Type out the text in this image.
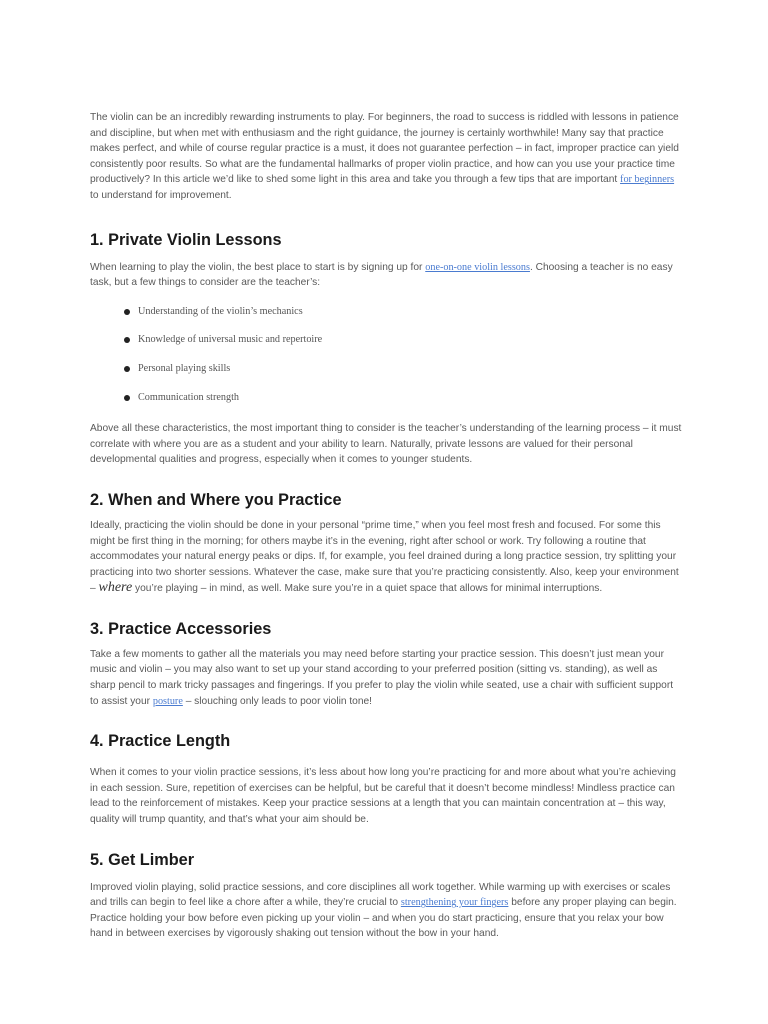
The violin can be an incredibly rewarding instruments to play. For beginners, the road to success is riddled with lessons in patience and discipline, but when met with enthusiasm and the right guidance, the journey is certainly worthwhile! Many say that practice makes perfect, and while of course regular practice is a must, it does not guarantee perfection – in fact, improper practice can yield consistently poor results. So what are the fundamental hallmarks of proper violin practice, and how can you use your practice time productively? In this article we’d like to shed some light in this area and take you through a few tips that are important for beginners to understand for improvement.

1. Private Violin Lessons

When learning to play the violin, the best place to start is by signing up for one-on-one violin lessons. Choosing a teacher is no easy task, but a few things to consider are the teacher’s:

Understanding of the violin’s mechanics
Knowledge of universal music and repertoire
Personal playing skills
Communication strength

Above all these characteristics, the most important thing to consider is the teacher’s understanding of the learning process – it must correlate with where you are as a student and your ability to learn. Naturally, private lessons are valued for their personal developmental qualities and progress, especially when it comes to younger students.

2. When and Where you Practice

Ideally, practicing the violin should be done in your personal “prime time,” when you feel most fresh and focused. For some this might be first thing in the morning; for others maybe it’s in the evening, right after school or work. Try following a routine that accommodates your natural energy peaks or dips. If, for example, you feel drained during a long practice session, try splitting your practicing into two shorter sessions. Whatever the case, make sure that you’re practicing consistently. Also, keep your environment – where you’re playing – in mind, as well. Make sure you’re in a quiet space that allows for minimal interruptions.

3. Practice Accessories

Take a few moments to gather all the materials you may need before starting your practice session. This doesn’t just mean your music and violin – you may also want to set up your stand according to your preferred position (sitting vs. standing), as well as sharp pencil to mark tricky passages and fingerings. If you prefer to play the violin while seated, use a chair with sufficient support to assist your posture – slouching only leads to poor violin tone!

4. Practice Length

When it comes to your violin practice sessions, it’s less about how long you’re practicing for and more about what you’re achieving in each session. Sure, repetition of exercises can be helpful, but be careful that it doesn’t become mindless! Mindless practice can lead to the reinforcement of mistakes. Keep your practice sessions at a length that you can maintain concentration at – this way, quality will trump quantity, and that’s what your aim should be.

5. Get Limber

Improved violin playing, solid practice sessions, and core disciplines all work together. While warming up with exercises or scales and trills can begin to feel like a chore after a while, they’re crucial to strengthening your fingers before any proper playing can begin. Practice holding your bow before even picking up your violin – and when you do start practicing, ensure that you relax your bow hand in between exercises by vigorously shaking out tension without the bow in your hand.
